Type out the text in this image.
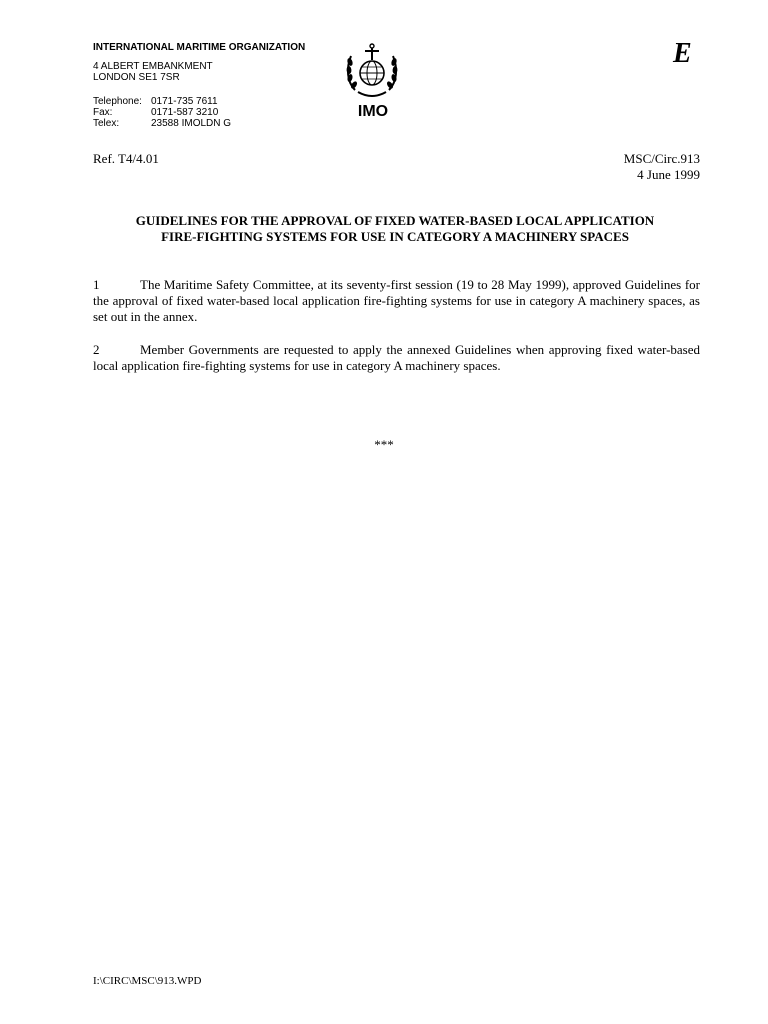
INTERNATIONAL MARITIME ORGANIZATION
4 ALBERT EMBANKMENT
LONDON SE1 7SR
Telephone: 0171-735 7611
Fax:	0171-587 3210
Telex:	23588 IMOLDN G
IMO
E
Ref. T4/4.01	MSC/Circ.913
4 June 1999
GUIDELINES FOR THE APPROVAL OF FIXED WATER-BASED LOCAL APPLICATION
FIRE-FIGHTING SYSTEMS FOR USE IN CATEGORY A MACHINERY SPACES
1	The Maritime Safety Committee, at its seventy-first session (19 to 28 May 1999), approved Guidelines for the approval of fixed water-based local application fire-fighting systems for use in category A machinery spaces, as set out in the annex.
2	Member Governments are requested to apply the annexed Guidelines when approving fixed water-based local application fire-fighting systems for use in category A machinery spaces.
***
I:\CIRC\MSC\913.WPD
